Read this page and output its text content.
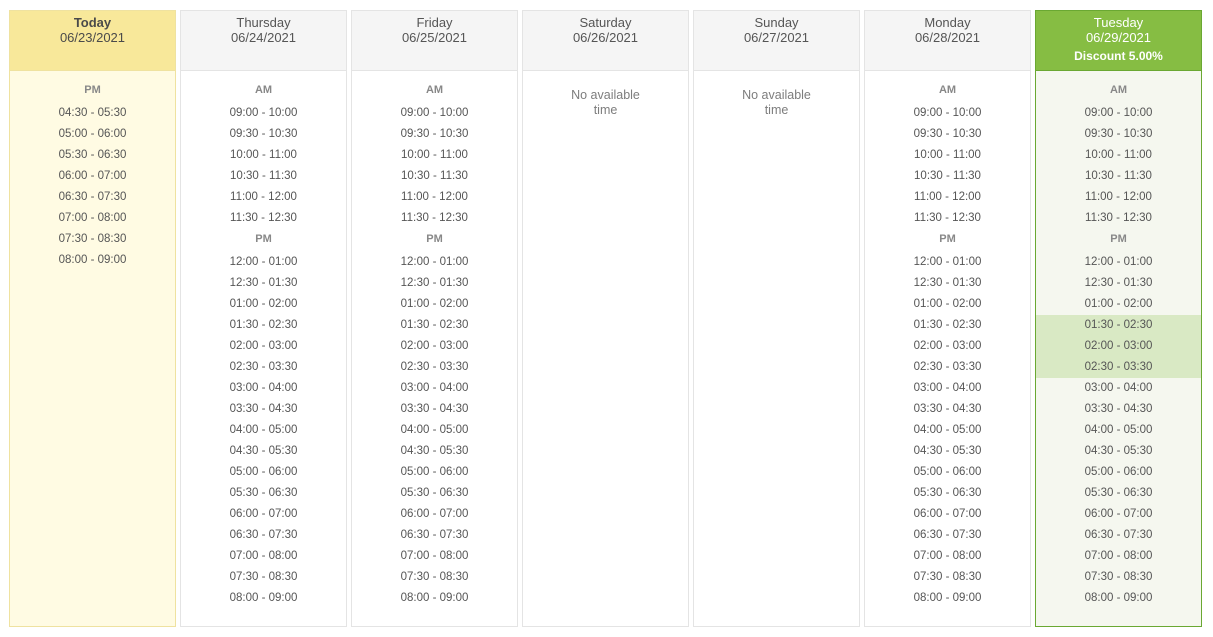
Today
06/23/2021
PM
04:30 - 05:30
05:00 - 06:00
05:30 - 06:30
06:00 - 07:00
06:30 - 07:30
07:00 - 08:00
07:30 - 08:30
08:00 - 09:00
Thursday
06/24/2021
AM
09:00 - 10:00
09:30 - 10:30
10:00 - 11:00
10:30 - 11:30
11:00 - 12:00
11:30 - 12:30
PM
12:00 - 01:00
12:30 - 01:30
01:00 - 02:00
01:30 - 02:30
02:00 - 03:00
02:30 - 03:30
03:00 - 04:00
03:30 - 04:30
04:00 - 05:00
04:30 - 05:30
05:00 - 06:00
05:30 - 06:30
06:00 - 07:00
06:30 - 07:30
07:00 - 08:00
07:30 - 08:30
08:00 - 09:00
Friday
06/25/2021
AM
09:00 - 10:00
09:30 - 10:30
10:00 - 11:00
10:30 - 11:30
11:00 - 12:00
11:30 - 12:30
PM
12:00 - 01:00
12:30 - 01:30
01:00 - 02:00
01:30 - 02:30
02:00 - 03:00
02:30 - 03:30
03:00 - 04:00
03:30 - 04:30
04:00 - 05:00
04:30 - 05:30
05:00 - 06:00
05:30 - 06:30
06:00 - 07:00
06:30 - 07:30
07:00 - 08:00
07:30 - 08:30
08:00 - 09:00
Saturday
06/26/2021
No available time
Sunday
06/27/2021
No available time
Monday
06/28/2021
AM
09:00 - 10:00
09:30 - 10:30
10:00 - 11:00
10:30 - 11:30
11:00 - 12:00
11:30 - 12:30
PM
12:00 - 01:00
12:30 - 01:30
01:00 - 02:00
01:30 - 02:30
02:00 - 03:00
02:30 - 03:30
03:00 - 04:00
03:30 - 04:30
04:00 - 05:00
04:30 - 05:30
05:00 - 06:00
05:30 - 06:30
06:00 - 07:00
06:30 - 07:30
07:00 - 08:00
07:30 - 08:30
08:00 - 09:00
Tuesday
06/29/2021
Discount 5.00%
AM
09:00 - 10:00
09:30 - 10:30
10:00 - 11:00
10:30 - 11:30
11:00 - 12:00
11:30 - 12:30
PM
12:00 - 01:00
12:30 - 01:30
01:00 - 02:00
01:30 - 02:30
02:00 - 03:00
02:30 - 03:30
03:00 - 04:00
03:30 - 04:30
04:00 - 05:00
04:30 - 05:30
05:00 - 06:00
05:30 - 06:30
06:00 - 07:00
06:30 - 07:30
07:00 - 08:00
07:30 - 08:30
08:00 - 09:00
